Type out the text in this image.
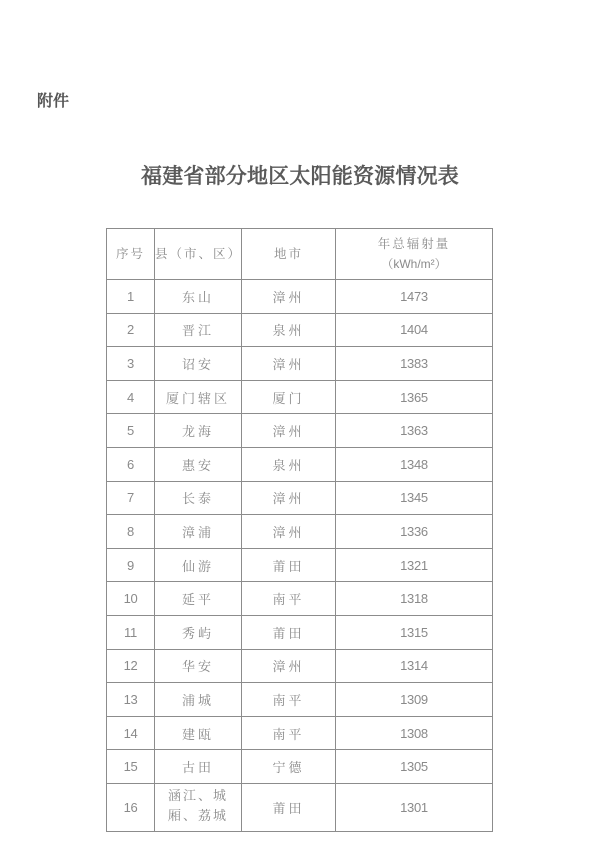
附件
福建省部分地区太阳能资源情况表
序号	县（市、区）	地市	年总辐射量
（kWh/m²）

1	东山	漳州	1473
2	晋江	泉州	1404
3	诏安	漳州	1383
4	厦门辖区	厦门	1365
5	龙海	漳州	1363
6	惠安	泉州	1348
7	长泰	漳州	1345
8	漳浦	漳州	1336
9	仙游	莆田	1321
10	延平	南平	1318
11	秀屿	莆田	1315
12	华安	漳州	1314
13	浦城	南平	1309
14	建瓯	南平	1308
15	古田	宁德	1305
16	涵江、城厢、荔城	莆田	1301
